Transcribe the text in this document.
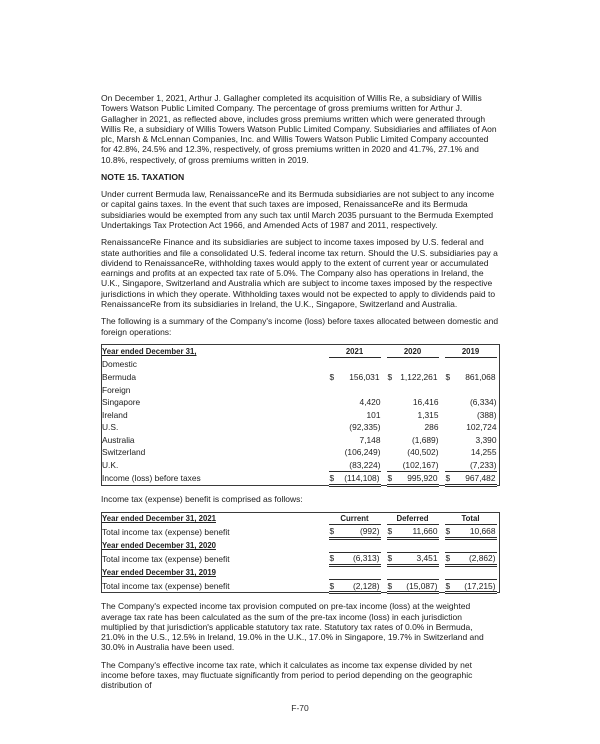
On December 1, 2021, Arthur J. Gallagher completed its acquisition of Willis Re, a subsidiary of Willis Towers Watson Public Limited Company. The percentage of gross premiums written for Arthur J. Gallagher in 2021, as reflected above, includes gross premiums written which were generated through Willis Re, a subsidiary of Willis Towers Watson Public Limited Company. Subsidiaries and affiliates of Aon plc, Marsh & McLennan Companies, Inc. and Willis Towers Watson Public Limited Company accounted for 42.8%, 24.5% and 12.3%, respectively, of gross premiums written in 2020 and 41.7%, 27.1% and 10.8%, respectively, of gross premiums written in 2019.

NOTE 15. TAXATION

Under current Bermuda law, RenaissanceRe and its Bermuda subsidiaries are not subject to any income or capital gains taxes. In the event that such taxes are imposed, RenaissanceRe and its Bermuda subsidiaries would be exempted from any such tax until March 2035 pursuant to the Bermuda Exempted Undertakings Tax Protection Act 1966, and Amended Acts of 1987 and 2011, respectively.

RenaissanceRe Finance and its subsidiaries are subject to income taxes imposed by U.S. federal and state authorities and file a consolidated U.S. federal income tax return. Should the U.S. subsidiaries pay a dividend to RenaissanceRe, withholding taxes would apply to the extent of current year or accumulated earnings and profits at an expected tax rate of 5.0%. The Company also has operations in Ireland, the U.K., Singapore, Switzerland and Australia which are subject to income taxes imposed by the respective jurisdictions in which they operate. Withholding taxes would not be expected to apply to dividends paid to RenaissanceRe from its subsidiaries in Ireland, the U.K., Singapore, Switzerland and Australia.

The following is a summary of the Company's income (loss) before taxes allocated between domestic and foreign operations:

Year ended December 31,		2021		2020		2019	
Domestic							
Bermuda		$ 156,031		$ 1,122,261		$ 861,068	

Foreign							
Singapore		4,420		16,416		(6,334)	
Ireland		101		1,315		(388)	
U.S.		(92,335)		286		102,724	
Australia		7,148		(1,689)		3,390	
Switzerland		(106,249)		(40,502)		14,255	
U.K.		(83,224)		(102,167)		(7,233)	
Income (loss) before taxes		$ (114,108)		$ 995,920		$ 967,482	

Income tax (expense) benefit is comprised as follows:

Year ended December 31, 2021		Current		Deferred		Total	
Total income tax (expense) benefit		$ (992)		$ 11,660		$ 10,668	

Year ended December 31, 2020							
Total income tax (expense) benefit		$ (6,313)		$ 3,451		$ (2,862)	

Year ended December 31, 2019							
Total income tax (expense) benefit		$ (2,128)		$ (15,087)		$ (17,215)	

The Company's expected income tax provision computed on pre-tax income (loss) at the weighted average tax rate has been calculated as the sum of the pre-tax income (loss) in each jurisdiction multiplied by that jurisdiction's applicable statutory tax rate. Statutory tax rates of 0.0% in Bermuda, 21.0% in the U.S., 12.5% in Ireland, 19.0% in the U.K., 17.0% in Singapore, 19.7% in Switzerland and 30.0% in Australia have been used.

The Company's effective income tax rate, which it calculates as income tax expense divided by net income before taxes, may fluctuate significantly from period to period depending on the geographic distribution of

F-70
